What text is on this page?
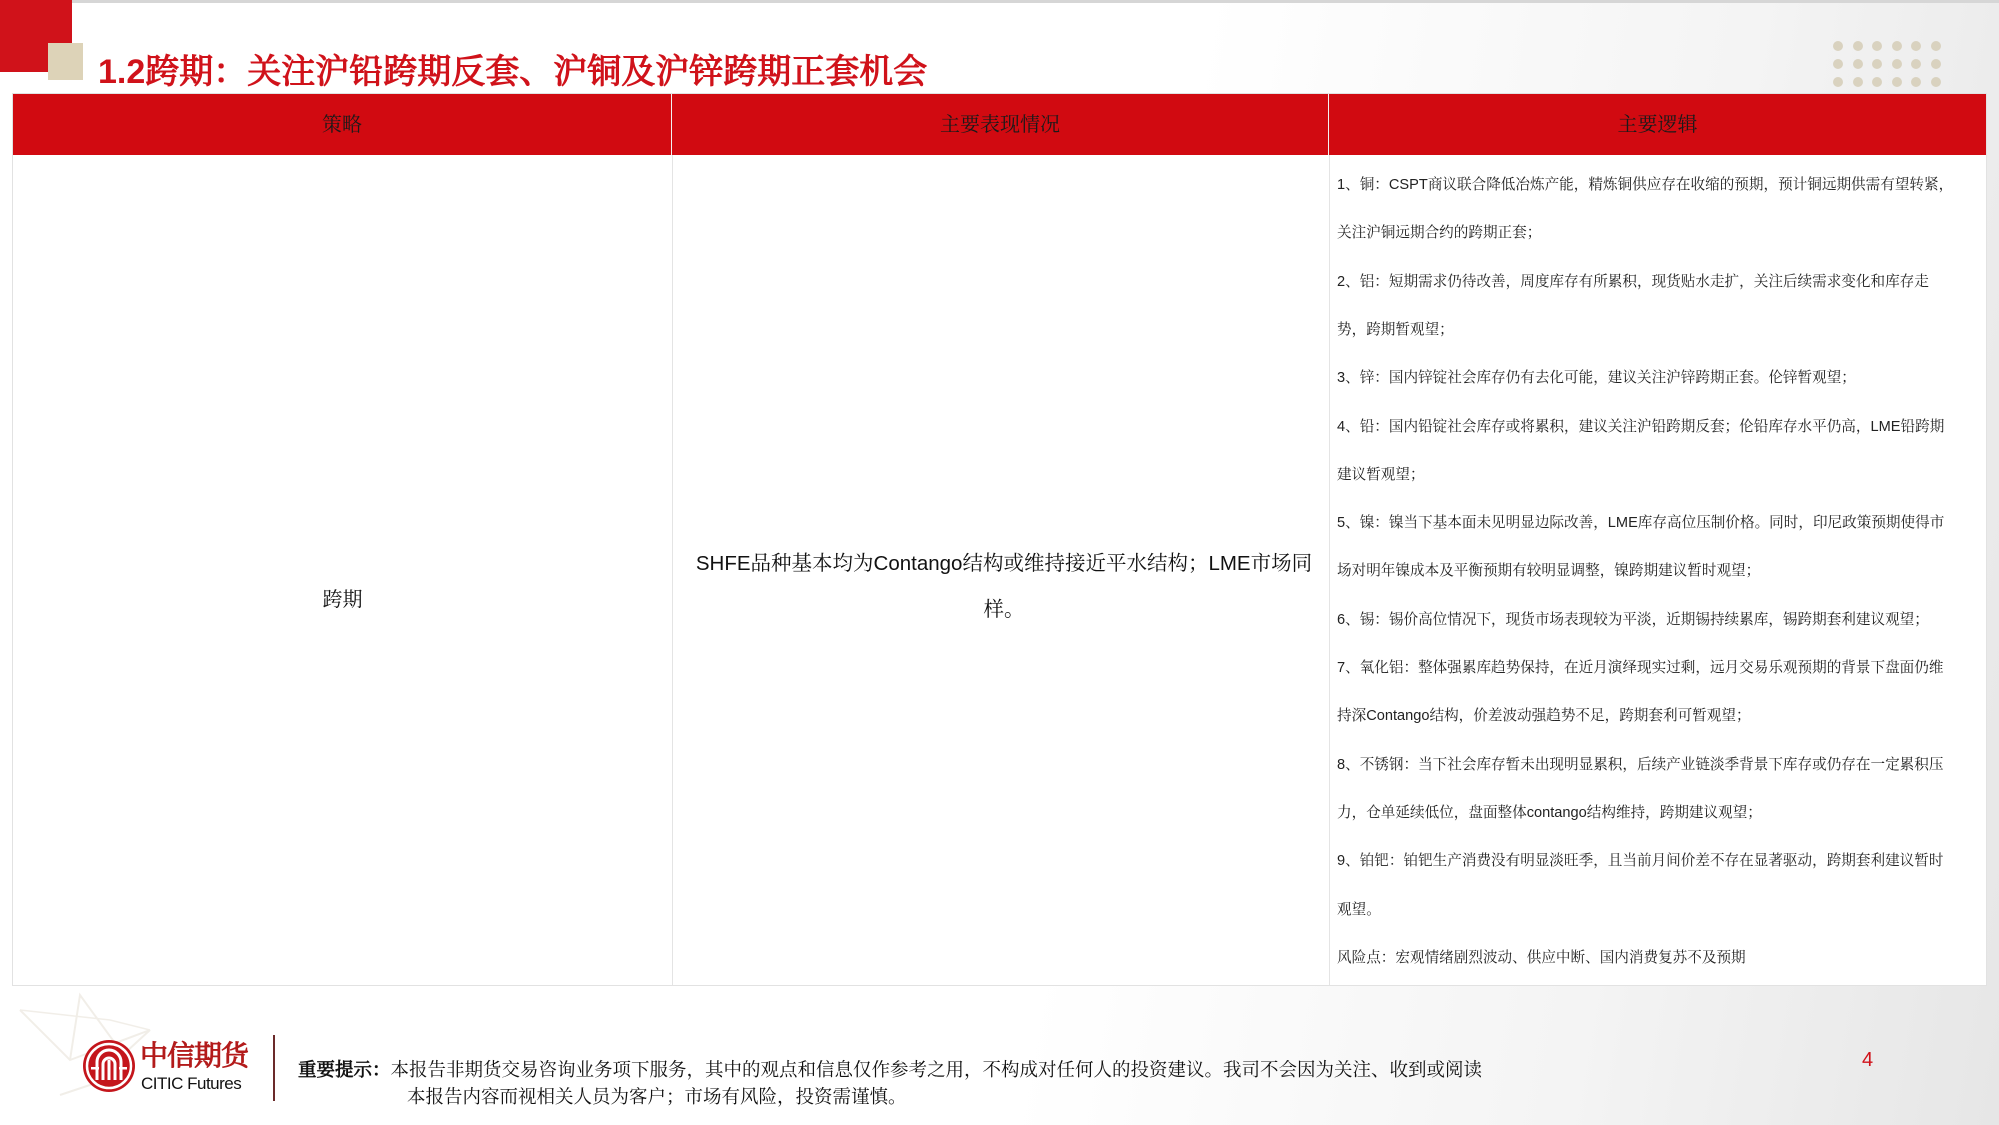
1.2跨期：关注沪铅跨期反套、沪铜及沪锌跨期正套机会
策略	主要表现情况	主要逻辑
跨期

SHFE品种基本均为Contango结构或维持接近平水结构；LME市场同样。

1、铜：CSPT商议联合降低冶炼产能，精炼铜供应存在收缩的预期，预计铜远期供需有望转紧，
关注沪铜远期合约的跨期正套；
2、铝：短期需求仍待改善，周度库存有所累积，现货贴水走扩，关注后续需求变化和库存走
势，跨期暂观望；
3、锌：国内锌锭社会库存仍有去化可能，建议关注沪锌跨期正套。伦锌暂观望；
4、铅：国内铅锭社会库存或将累积，建议关注沪铅跨期反套；伦铅库存水平仍高，LME铅跨期
建议暂观望；
5、镍：镍当下基本面未见明显边际改善，LME库存高位压制价格。同时，印尼政策预期使得市
场对明年镍成本及平衡预期有较明显调整，镍跨期建议暂时观望；
6、锡：锡价高位情况下，现货市场表现较为平淡，近期锡持续累库，锡跨期套利建议观望；
7、氧化铝：整体强累库趋势保持，在近月演绎现实过剩，远月交易乐观预期的背景下盘面仍维
持深Contango结构，价差波动强趋势不足，跨期套利可暂观望；
8、不锈钢：当下社会库存暂未出现明显累积，后续产业链淡季背景下库存或仍存在一定累积压
力，仓单延续低位，盘面整体contango结构维持，跨期建议观望；
9、铂钯：铂钯生产消费没有明显淡旺季，且当前月间价差不存在显著驱动，跨期套利建议暂时
观望。
风险点：宏观情绪剧烈波动、供应中断、国内消费复苏不及预期
中信期货
CITIC Futures
重要提示：本报告非期货交易咨询业务项下服务，其中的观点和信息仅作参考之用，不构成对任何人的投资建议。我司不会因为关注、收到或阅读
本报告内容而视相关人员为客户；市场有风险，投资需谨慎。
4
